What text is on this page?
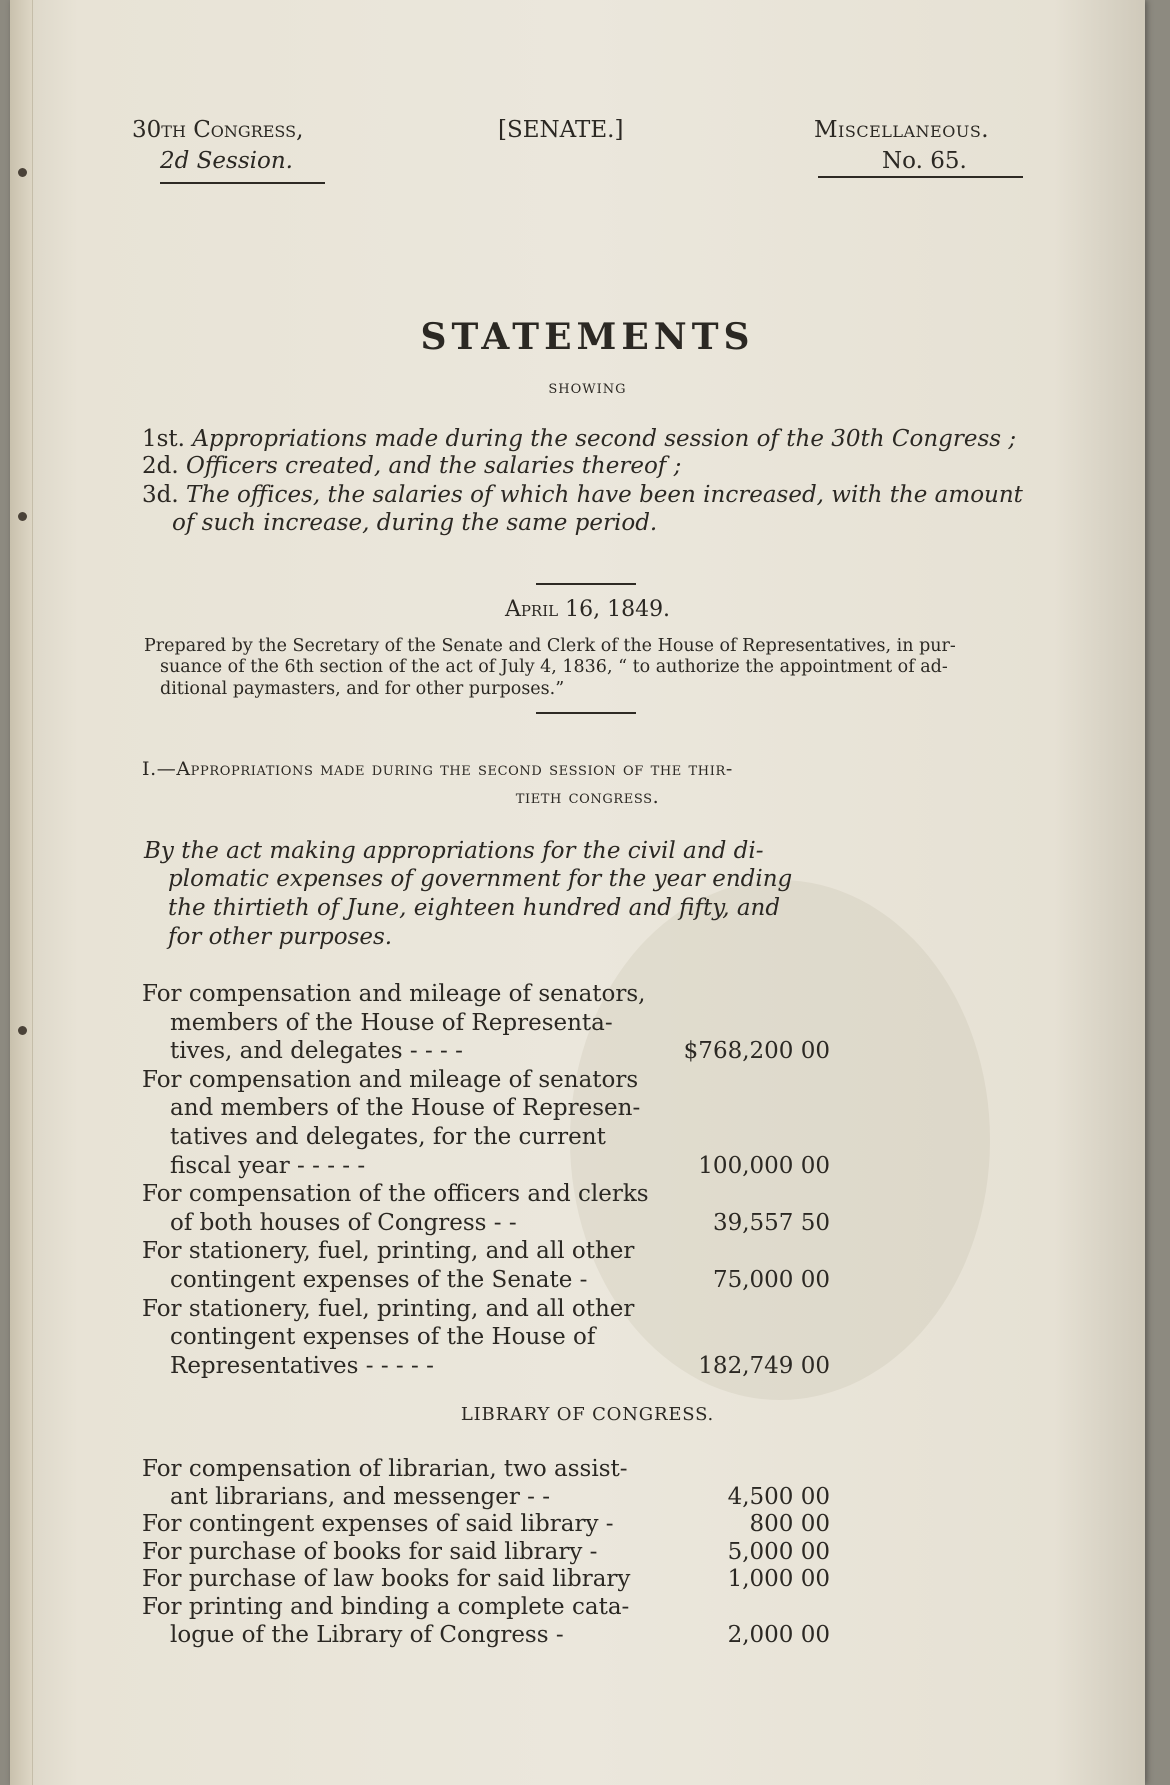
30th Congress,
2d Session.
[SENATE.]	Miscellaneous.
No. 65.
STATEMENTS
SHOWING
1st. Appropriations made during the second session of the 30th Congress ;
2d. Officers created, and the salaries thereof ;
3d. The offices, the salaries of which have been increased, with the amount
of such increase, during the same period.
April 16, 1849.
Prepared by the Secretary of the Senate and Clerk of the House of Representatives, in pur-
suance of the 6th section of the act of July 4, 1836, “ to authorize the appointment of ad-
ditional paymasters, and for other purposes.”
I.—Appropriations made during the second session of the thir-
tieth congress.
By the act making appropriations for the civil and di-
plomatic expenses of government for the year ending
the thirtieth of June, eighteen hundred and fifty, and
for other purposes.
For compensation and mileage of senators,
members of the House of Representa-
tives, and delegates - - - -	$768,200 00
For compensation and mileage of senators
and members of the House of Represen-
tatives and delegates, for the current
fiscal year - - - - -	100,000 00
For compensation of the officers and clerks
of both houses of Congress - -	39,557 50
For stationery, fuel, printing, and all other
contingent expenses of the Senate -	75,000 00
For stationery, fuel, printing, and all other
contingent expenses of the House of
Representatives - - - - -	182,749 00
LIBRARY OF CONGRESS.
For compensation of librarian, two assist-
ant librarians, and messenger - -	4,500 00
For contingent expenses of said library -	800 00
For purchase of books for said library -	5,000 00
For purchase of law books for said library	1,000 00
For printing and binding a complete cata-
logue of the Library of Congress -	2,000 00
